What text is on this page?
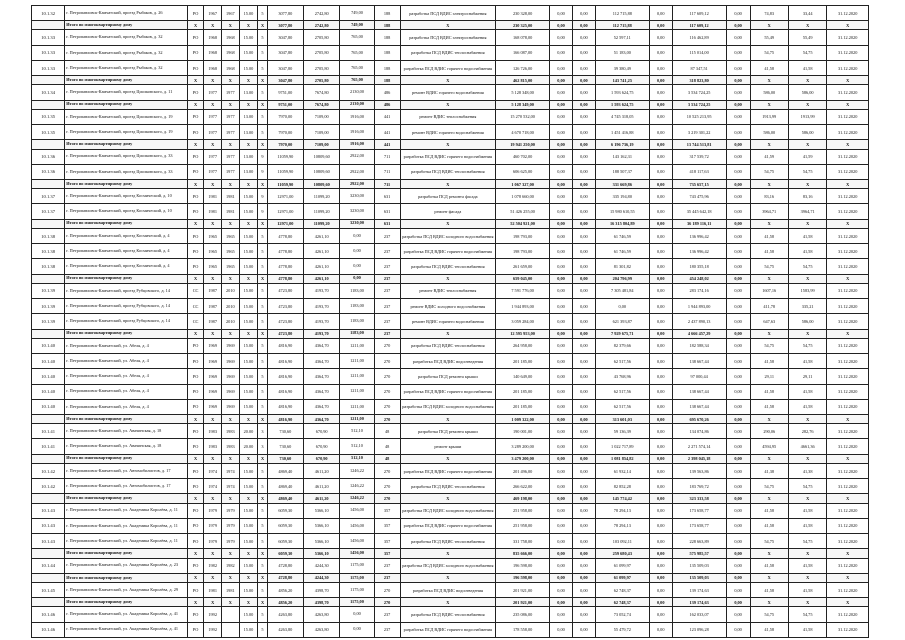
10.1.32	г. Петропавловск-Камчатский, проезд Рыбаков, д. 26	РО	1967	1967	15.00	5	3077,80	2742,80	749,00	188	разработка ПСД ВДИС электроснабжения	230 328,00	0,00	0,00	112 715,88	0,00	117 609,12	0,00	74,83	33,44	31.12.2020
	Итого по многоквартирному дому	X	X	X	X	X	3077,80	2742,80	749,00	188	X	230 325,00	0,00	0,00	112 715,88	0,00	117 609,12	0,00	X	X	X
10.1.33	г. Петропавловск-Камчатский, проезд Рыбаков, д. 32	РО	1968	1968	15.00	5	3047,80	2705,80	765,00	188	разработка ПСД ВДИС электроснабжения	168 078,00	0,00	0,00	52 597,11	0,00	116 462,89	0,00	55,49	55,49	31.12.2020
10.1.33	г. Петропавловск-Камчатский, проезд Рыбаков, д. 32	РО	1968	1968	15.00	5	3047,80	2705,80	765,00	188	разработка ПСД ВДИС теплоснабжения	166 087,00	0,00	0,00	51 183,00	0,00	115 014,00	0,00	54,75	54,75	31.12.2020
10.1.33	г. Петропавловск-Камчатский, проезд Рыбаков, д. 32	РО	1968	1968	15.00	5	3047,80	2705,80	765,00	188	разработка ПСД ВДИС горячего водоснабжения	126 726,00	0,00	0,00	39 380,49	0,00	87 347,51	0,00	41,58	41,58	31.12.2020
	Итого по многоквартирному дому	X	X	X	X	X	3047,80	2705,80	765,00	188	X	462 815,00	0,00	0,00	143 741,25	0,00	318 823,80	0,00	X	X	X
10.1.34	г. Петропавловск-Камчатский, проезд Циолковского, д. 11	РО	1977	1977	13.00	5	9751,00	7674,80	2130,00	486	ремонт ВДИС горячего водоснабжения	5 128 348,00	0,00	0,00	1 593 624,75	0,00	3 534 724,25	0,00	586,00	586,00	31.12.2020
	Итого по многоквартирному дому	X	X	X	X	X	9751,00	7674,80	2130,00	486	X	5 128 349,00	0,00	0,00	1 593 624,75	0,00	3 534 724,25	0,00	X	X	X
10.1.35	г. Петропавловск-Камчатский, проезд Циолковского, д. 19	РО	1977	1977	13.00	5	7970,00	7109,00	1916,00	441	ремонт ВДИС теплоснабжения	15 270 532,00	0,00	0,00	4 745 318,05	0,00	10 525 213,95	0,00	1913,99	1913,99	31.12.2020
10.1.35	г. Петропавловск-Камчатский, проезд Циолковского, д. 19	РО	1977	1977	13.00	5	7970,00	7109,00	1916,00	441	ремонт ВДИС горячего водоснабжения	4 670 718,00	0,00	0,00	1 451 416,88	0,00	3 219 301,22	0,00	586,00	586,00	31.12.2020
	Итого по многоквартирному дому	X	X	X	X	X	7970,00	7109,00	1916,00	441	X	19 941 250,00	0,00	0,00	6 196 736,19	0,00	13 744 513,81	0,00	X	X	X
10.1.36	г. Петропавловск-Камчатский, проезд Циолковского, д. 33	РО	1977	1977	13.00	9	11059,90	10809,60	2922,00	711	разработка ПСД ВДИС горячего водоснабжения	460 702,00	0,00	0,00	143 162,31	0,00	317 539,72	0,00	41,59	41,59	31.12.2020
10.1.36	г. Петропавловск-Камчатский, проезд Циолковского, д. 33	РО	1977	1977	13.00	9	11059,90	10809,60	2922,00	711	разработка ПСД ВДИС теплоснабжения	606 625,00	0,00	0,00	188 507,37	0,00	418 117,63	0,00	54,75	54,75	31.12.2020
	Итого по многоквартирному дому	X	X	X	X	X	11059,90	10809,60	2922,00	711	X	1 067 327,00	0,00	0,00	331 669,86	0,00	735 657,15	0,00	X	X	X
10.1.37	г. Петропавловск-Камчатский, проезд Космический, д. 10	РО	1981	1981	15.00	9	12971,00	11099,20	3230,00	631	разработка ПСД ремонта фасада	1 078 660,00	0,00	0,00	335 194,80	0,00	743 475,96	0,00	83,16	83,16	31.12.2020
10.1.37	г. Петропавловск-Камчатский, проезд Космический, д. 10	РО	1981	1981	15.00	9	12971,00	11099,20	3230,00	631	ремонт фасада	51 426 255,00	0,00	0,00	15 980 610,55	0,00	35 445 642,18	0,00	3964,71	3964,71	31.12.2020
	Итого по многоквартирному дому	X	X	X	X	X	12971,00	11099,20	3230,00	631	X	52 504 921,00	0,00	0,00	16 315 804,89	0,00	36 189 116,11	0,00	X	X	X
10.1.38	г. Петропавловск-Камчатский, проезд Космический, д. 4	РО	1965	1965	15.00	5	4778,80	4261,10	0,00	237	разработка ПСД ВДИС холодного водоснабжения	198 793,00	0,00	0,00	61 746,59	0,00	136 996,42	0,00	41,58	41,58	31.12.2020
10.1.38	г. Петропавловск-Камчатский, проезд Космический, д. 4	РО	1965	1965	15.00	5	4778,80	4261,10	0,00	237	разработка ПСД ВДИС горячего водоснабжения	198 793,00	0,00	0,00	61 746,59	0,00	136 996,42	0,00	41,58	41,58	31.12.2020
10.1.38	г. Петропавловск-Камчатский, проезд Космический, д. 4	РО	1965	1965	15.00	5	4778,80	4261,10	0,00	237	разработка ПСД ВДИС теплоснабжения	261 659,00	0,00	0,00	81 301,82	0,00	180 355,18	0,00	54,75	54,75	31.12.2020
	Итого по многоквартирному дому	X	X	X	X	X	4778,80	4261,10	0,00	237	X	659 045,00	0,00	0,00	204 796,99	0,00	454 248,02	0,00	X	X	X
10.1.39	г. Петропавловск-Камчатский, проезд Рубцовского, д. 14	СС	1987	2010	15.00	5	4723,80	4193,70	1183,00	237	ремонт ВДИС теплоснабжения	7 591 776,00	0,00	0,00	7 305 481,84	0,00	283 174,16	0,00	1607,16	1583,99	31.12.2020
10.1.39	г. Петропавловск-Камчатский, проезд Рубцовского, д. 14	СС	1987	2010	15.00	5	4723,80	4193,70	1183,00	237	ремонт ВДИС холодного водоснабжения	1 944 893,00	0,00	0,00	0,00	0,00	1 944 893,00	0,00	411,78	335,21	31.12.2020
10.1.39	г. Петропавловск-Камчатский, проезд Рубцовского, д. 14	СС	1987	2010	15.00	5	4723,80	4193,70	1183,00	237	ремонт ВДИС горячего водоснабжения	3 059 284,00	0,00	0,00	621 393,87	0,00	2 437 890,13	0,00	647,63	586,00	31.12.2020
	Итого по многоквартирному дому	X	X	X	X	X	4723,80	4193,70	1183,00	237	X	12 595 953,00	0,00	0,00	7 929 675,71	0,00	4 666 457,29	0,00	X	X	X
10.1.40	г. Петропавловск-Камчатский, ул. Абеля, д. 4	РО	1969	1969	15.00	5	4816,90	4364,70	1211,00	270	разработка ПСД ВДИС теплоснабжения	264 958,00	0,00	0,00	82 379,66	0,00	182 588,34	0,00	54,75	54,75	31.12.2020
10.1.40	г. Петропавловск-Камчатский, ул. Абеля, д. 4	РО	1969	1969	15.00	5	4816,90	4364,70	1211,00	270	разработка ПСД ВДИС водоотведения	201 185,00	0,00	0,00	62 517,56	0,00	138 667,44	0,00	41,58	41,58	31.12.2020
10.1.40	г. Петропавловск-Камчатский, ул. Абеля, д. 4	РО	1969	1969	15.00	5	4816,90	4364,70	1211,00	270	разработка ПСД ремонта крыши	140 649,00	0,00	0,00	43 768,96	0,00	97 000,44	0,00	29,11	29,11	31.12.2020
10.1.40	г. Петропавловск-Камчатский, ул. Абеля, д. 4	РО	1969	1969	15.00	5	4816,90	4364,70	1211,00	270	разработка ПСД ВДИС горячего водоснабжения	201 185,00	0,00	0,00	62 517,56	0,00	138 667,44	0,00	41,58	41,58	31.12.2020
10.1.40	г. Петропавловск-Камчатский, ул. Абеля, д. 4	РО	1969	1969	15.00	5	4816,90	4364,70	1211,00	270	разработка ПСД ВДИС холодного водоснабжения	201 185,00	0,00	0,00	62 517,56	0,00	138 667,44	0,00	41,58	41,58	31.12.2020
	Итого по многоквартирному дому	X	X	X	X	X	4816,90	4364,70	1211,00	270	X	1 009 322,00	0,00	0,00	313 601,03	0,00	695 670,26	0,00	X	X	X
10.1.41	г. Петропавловск-Камчатский, ул. Авачинская, д. 18	РО	1983	1983	20.00	3	730,60	670,90	512,10	48	разработка ПСД ремонта крыши	190 001,00	0,00	0,00	59 136,39	0,00	134 074,86	0,00	290,06	282,76	31.12.2020
10.1.41	г. Петропавловск-Камчатский, ул. Авачинская, д. 18	РО	1983	1983	20.00	3	730,60	670,90	512,10	48	ремонт крыши	3 289 200,00	0,00	0,00	1 022 717,89	0,00	2 271 574,14	0,00	4594,95	4661,36	31.12.2020
	Итого по многоквартирному дому	X	X	X	X	X	730,60	670,90	512,10	48	X	3 479 200,00	0,00	0,00	1 081 854,82	0,00	2 398 045,18	0,00	X	X	X
10.1.42	г. Петропавловск-Камчатский, ул. Автомобилистов, д. 17	РО	1974	1974	15.00	5	4869,40	4611,20	1246,22	270	разработка ПСД ВДИС горячего водоснабжения	201 496,00	0,00	0,00	61 932,14	0,00	139 563,86	0,00	41,38	41,38	31.12.2020
10.1.42	г. Петропавловск-Камчатский, ул. Автомобилистов, д. 17	РО	1974	1974	15.00	5	4869,40	4611,20	1246,22	270	разработка ПСД ВДИС теплоснабжения	266 622,00	0,00	0,00	82 852,28	0,00	183 769,72	0,00	54,75	54,75	31.12.2020
	Итого по многоквартирному дому	X	X	X	X	X	4869,40	4611,20	1246,22	270	X	469 198,00	0,00	0,00	145 774,42	0,00	323 333,58	0,00	X	X	X
10.1.43	г. Петропавловск-Камчатский, ул. Академика Королёва, д. 11	РО	1979	1979	15.00	5	6059,30	5366,10	1456,00	357	разработка ПСД ВДИС холодного водоснабжения	251 958,00	0,00	0,00	78 294,13	0,00	173 658,77	0,00	41,58	41,58	31.12.2020
10.1.43	г. Петропавловск-Камчатский, ул. Академика Королёва, д. 11	РО	1979	1979	15.00	5	6059,30	5366,10	1456,00	357	разработка ПСД ВДИС горячего водоснабжения	251 958,00	0,00	0,00	78 294,13	0,00	173 658,77	0,00	41,58	41,58	31.12.2020
10.1.43	г. Петропавловск-Камчатский, ул. Академика Королёва, д. 11	РО	1979	1979	15.00	5	6059,30	5366,10	1456,00	357	разработка ПСД ВДИС теплоснабжения	331 758,00	0,00	0,00	103 092,11	0,00	228 663,89	0,00	54,75	54,75	31.12.2020
	Итого по многоквартирному дому	X	X	X	X	X	6059,30	5366,10	1456,00	357	X	835 666,00	0,00	0,00	259 680,43	0,00	575 985,57	0,00	X	X	X
10.1.44	г. Петропавловск-Камчатский, ул. Академика Королёва, д. 23	РО	1982	1982	15.00	5	4728,80	4244,30	1175,00	237	разработка ПСД ВДИС холодного водоснабжения	196 598,00	0,00	0,00	61 099,97	0,00	135 509,03	0,00	41,58	41,58	31.12.2020
	Итого по многоквартирному дому	X	X	X	X	X	4728,80	4244,30	1175,00	237	X	196 598,00	0,00	0,00	61 099,97	0,00	135 509,03	0,00	X	X	X
10.1.45	г. Петропавловск-Камчатский, ул. Академика Королёва, д. 29	РО	1981	1981	15.00	5	4856,20	4398,70	1175,00	270	разработка ПСД ВДИС водоотведения	201 921,00	0,00	0,00	62 748,37	0,00	139 174,63	0,00	41,58	41,58	31.12.2020
	Итого по многоквартирному дому	X	X	X	X	X	4856,20	4398,70	1175,00	270	X	201 921,00	0,00	0,00	62 748,37	0,00	139 174,63	0,00	X	X	X
10.1.46	г. Петропавловск-Камчатский, ул. Академика Королёва, д. 41	РО	1992		15.00	5	4263,80	4263,80	0,00	237	разработка ПСД ВДИС теплоснабжения	235 086,00	0,00	0,00	73 052,74	0,00	162 033,07	0,00	54,75	54,75	31.12.2020
10.1.46	г. Петропавловск-Камчатский, ул. Академика Королёва, д. 41	РО	1992		15.00	5	4263,80	4263,80	0,00	237	разработка ПСД ВДИС горячего водоснабжения	178 558,00	0,00	0,00	55 479,72	0,00	123 096,28	0,00	41,58	41,58	31.12.2020
